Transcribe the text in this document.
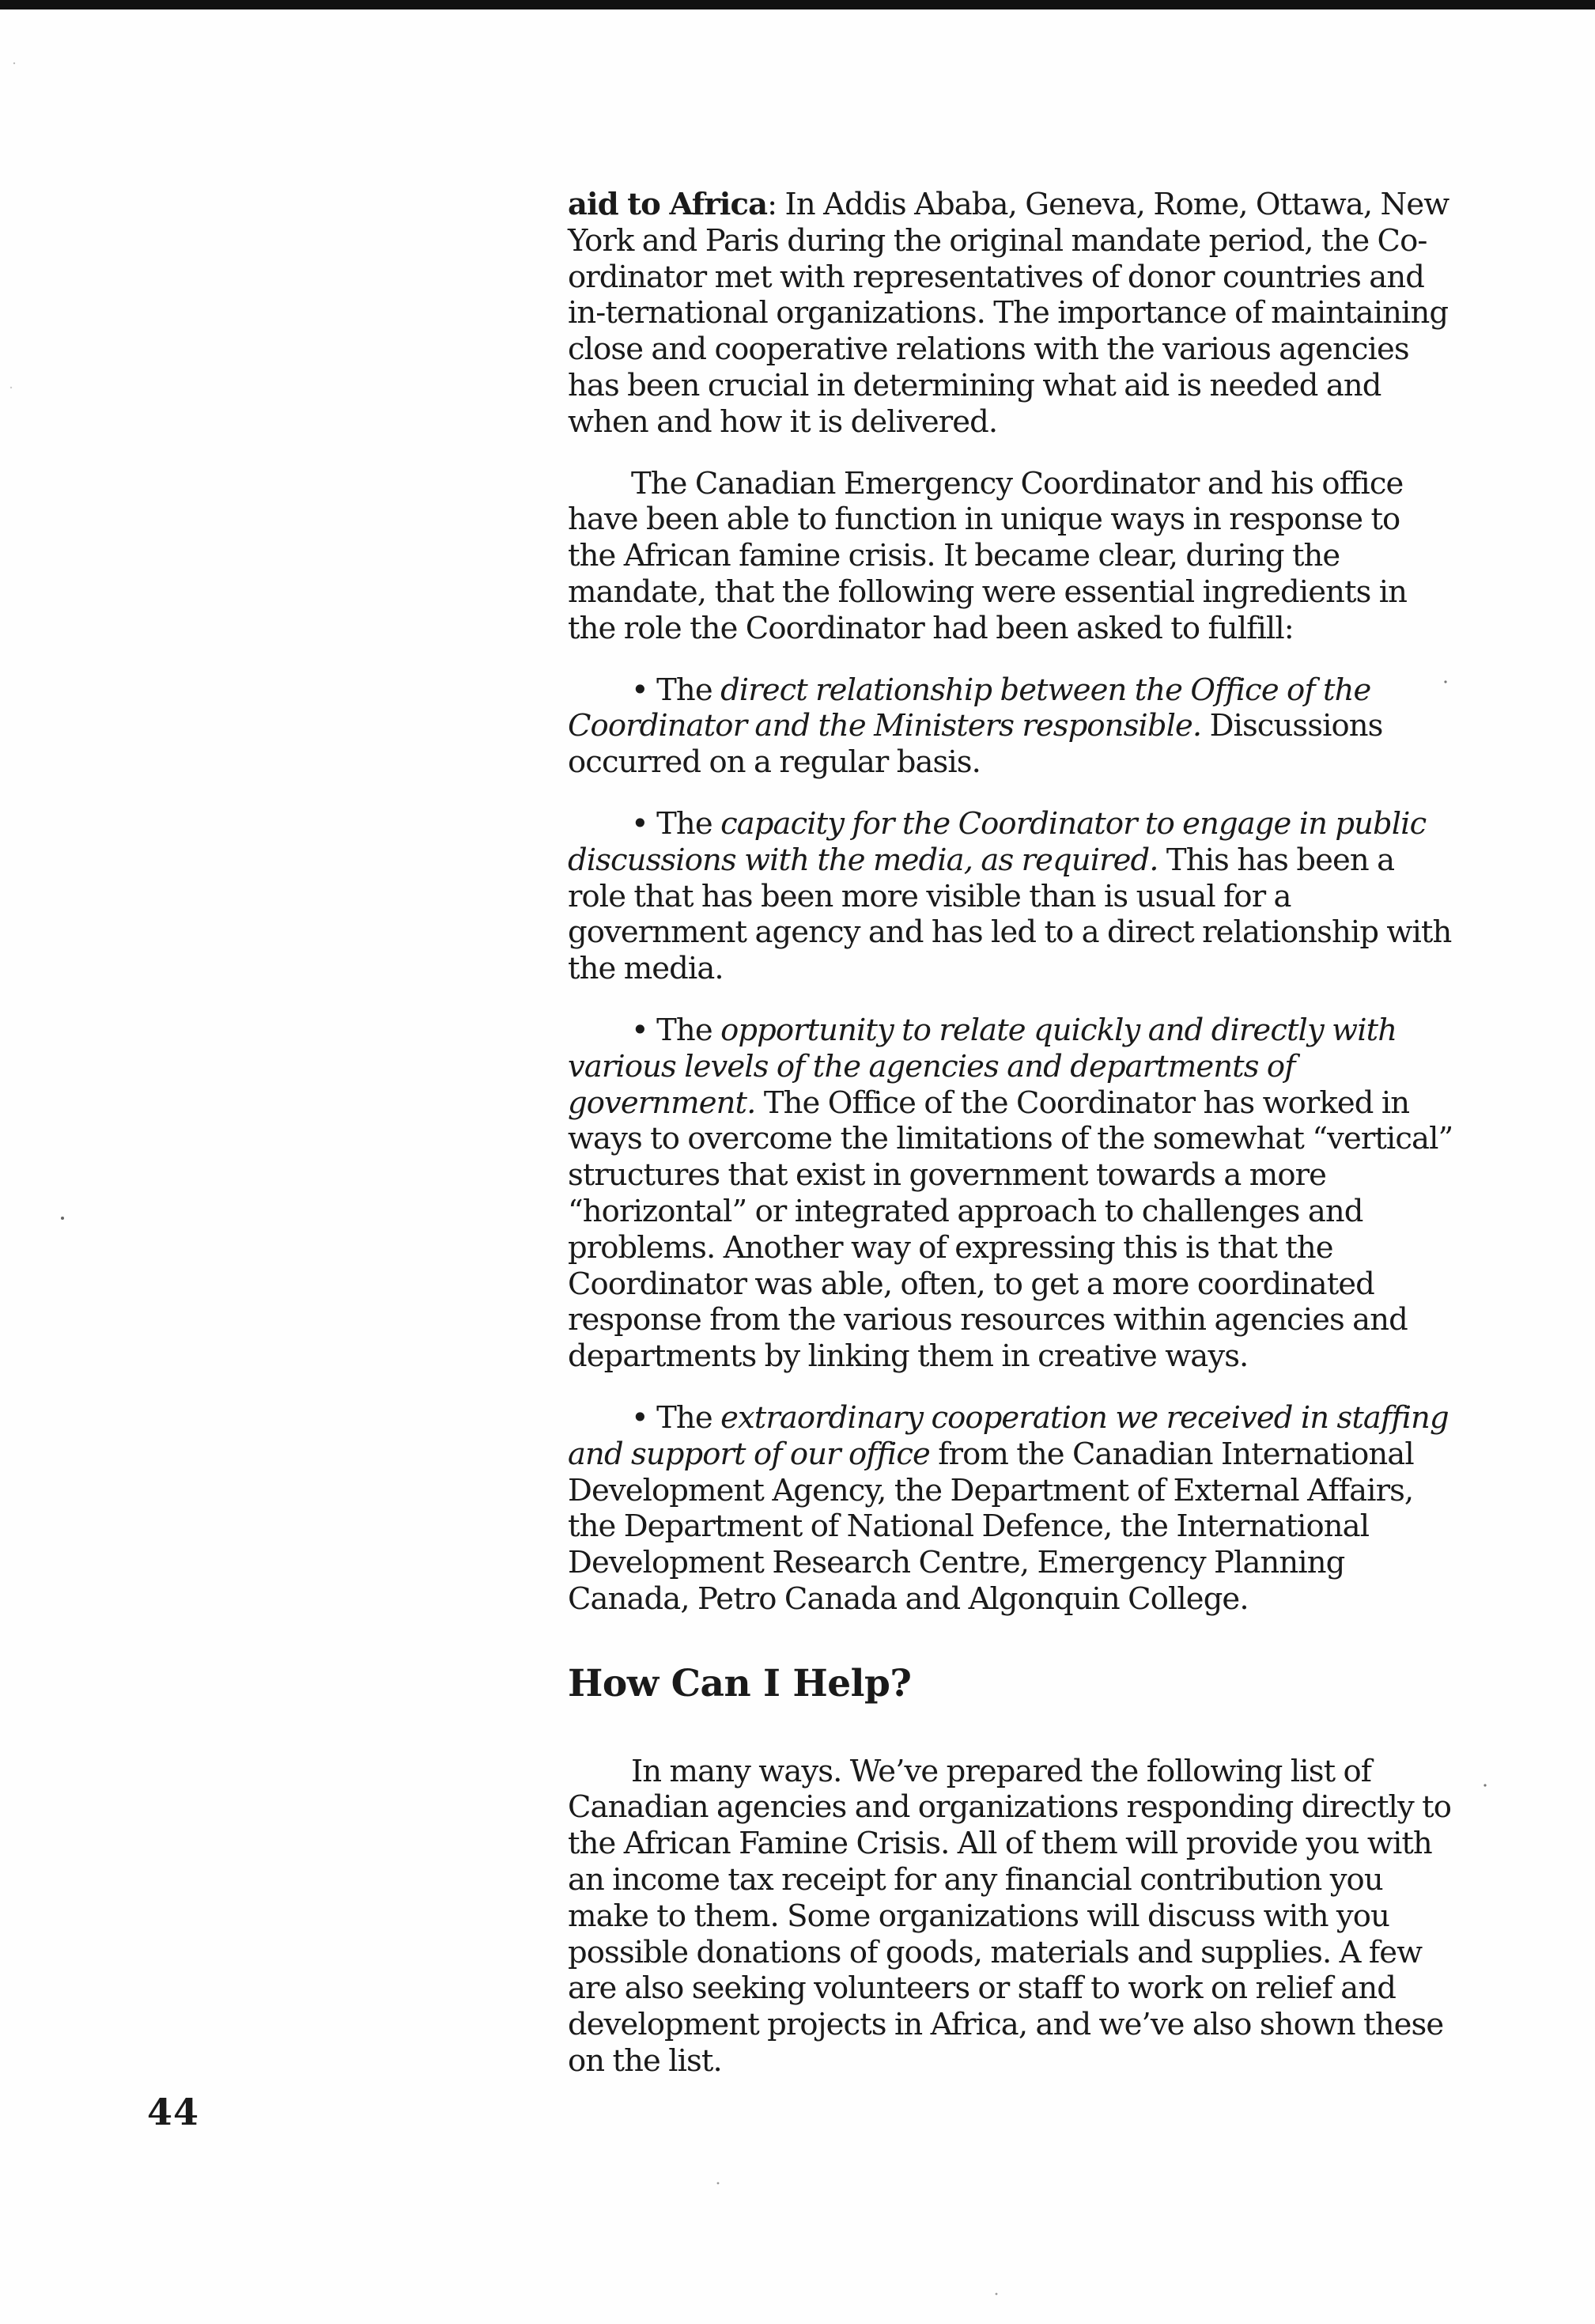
aid to Africa: In Addis Ababa, Geneva, Rome, Ottawa, New York and Paris during the original mandate period, the Co-ordinator met with representatives of donor countries and in-ternational organizations. The importance of maintaining close and cooperative relations with the various agencies has been crucial in determining what aid is needed and when and how it is delivered.

The Canadian Emergency Coordinator and his office have been able to function in unique ways in response to the African famine crisis. It became clear, during the mandate, that the following were essential ingredients in the role the Coordinator had been asked to fulfill:

• The direct relationship between the Office of the Coordinator and the Ministers responsible. Discussions occurred on a regular basis.

• The capacity for the Coordinator to engage in public discussions with the media, as required. This has been a role that has been more visible than is usual for a government agency and has led to a direct relationship with the media.

• The opportunity to relate quickly and directly with various levels of the agencies and departments of government. The Office of the Coordinator has worked in ways to overcome the limitations of the somewhat “vertical” structures that exist in government towards a more “horizontal” or integrated approach to challenges and problems. Another way of expressing this is that the Coordinator was able, often, to get a more coordinated response from the various resources within agencies and departments by linking them in creative ways.

• The extraordinary cooperation we received in staffing and support of our office from the Canadian International Development Agency, the Department of External Affairs, the Department of National Defence, the International Development Research Centre, Emergency Planning Canada, Petro Canada and Algonquin College.

How Can I Help?

In many ways. We’ve prepared the following list of Canadian agencies and organizations responding directly to the African Famine Crisis. All of them will provide you with an income tax receipt for any financial contribution you make to them. Some organizations will discuss with you possible donations of goods, materials and supplies. A few are also seeking volunteers or staff to work on relief and development projects in Africa, and we’ve also shown these on the list.

44
